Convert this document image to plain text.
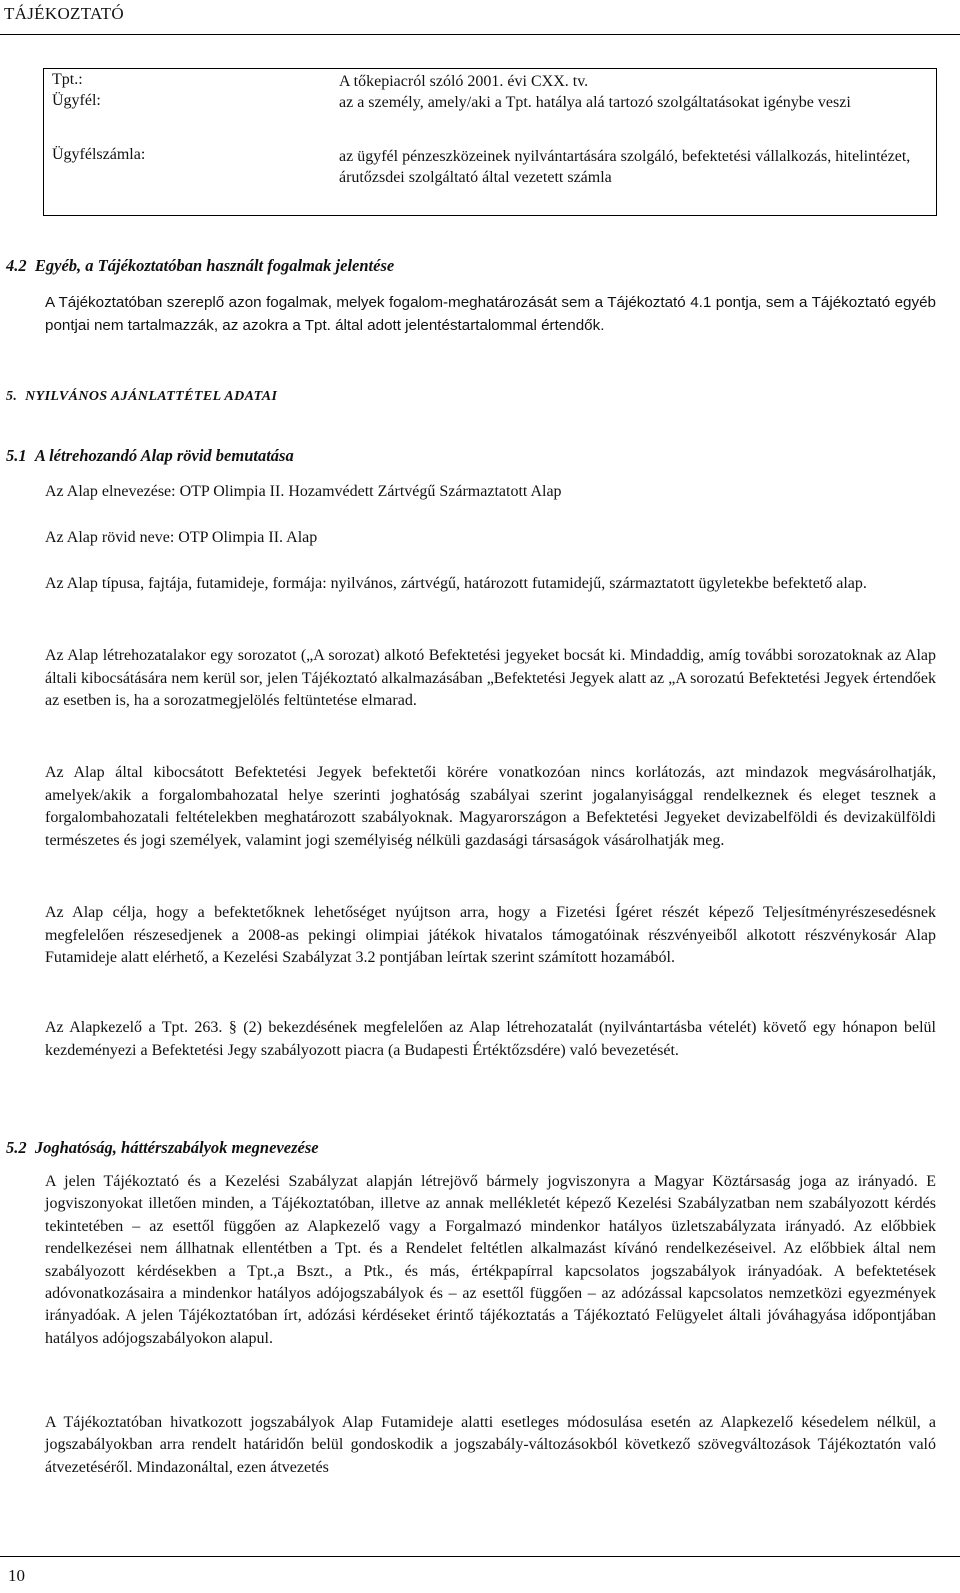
TÁJÉKOZTATÓ
Tpt.:	A tőkepiacról szóló 2001. évi CXX. tv.
Ügyfél:	az a személy, amely/aki a Tpt. hatálya alá tartozó szolgáltatásokat igénybe veszi
Ügyfélszámla:	az ügyfél pénzeszközeinek nyilvántartására szolgáló, befektetési vállalkozás, hitelintézet, árutőzsdei szolgáltató által vezetett számla
4.2 Egyéb, a Tájékoztatóban használt fogalmak jelentése
A Tájékoztatóban szereplő azon fogalmak, melyek fogalom-meghatározását sem a Tájékoztató 4.1 pontja, sem a Tájékoztató egyéb pontjai nem tartalmazzák, az azokra a Tpt. által adott jelentéstartalommal értendők.
5. NYILVÁNOS AJÁNLATTÉTEL ADATAI
5.1 A létrehozandó Alap rövid bemutatása
Az Alap elnevezése: OTP Olimpia II. Hozamvédett Zártvégű Származtatott Alap
Az Alap rövid neve: OTP Olimpia II. Alap
Az Alap típusa, fajtája, futamideje, formája: nyilvános, zártvégű, határozott futamidejű, származtatott ügyletekbe befektető alap.
Az Alap létrehozatalakor egy sorozatot („A sorozat) alkotó Befektetési jegyeket bocsát ki. Mindaddig, amíg további sorozatoknak az Alap általi kibocsátására nem kerül sor, jelen Tájékoztató alkalmazásában „Befektetési Jegyek alatt az „A sorozatú Befektetési Jegyek értendőek az esetben is, ha a sorozatmegjelölés feltüntetése elmarad.
Az Alap által kibocsátott Befektetési Jegyek befektetői körére vonatkozóan nincs korlátozás, azt mindazok megvásárolhatják, amelyek/akik a forgalombahozatal helye szerinti joghatóság szabályai szerint jogalanyisággal rendelkeznek és eleget tesznek a forgalombahozatali feltételekben meghatározott szabályoknak. Magyarországon a Befektetési Jegyeket devizabelföldi és devizakülföldi természetes és jogi személyek, valamint jogi személyiség nélküli gazdasági társaságok vásárolhatják meg.
Az Alap célja, hogy a befektetőknek lehetőséget nyújtson arra, hogy a Fizetési Ígéret részét képező Teljesítményrészesedésnek megfelelően részesedjenek a 2008-as pekingi olimpiai játékok hivatalos támogatóinak részvényeiből alkotott részvénykosár Alap Futamideje alatt elérhető, a Kezelési Szabályzat 3.2 pontjában leírtak szerint számított hozamából.
Az Alapkezelő a Tpt. 263. § (2) bekezdésének megfelelően az Alap létrehozatalát (nyilvántartásba vételét) követő egy hónapon belül kezdeményezi a Befektetési Jegy szabályozott piacra (a Budapesti Értéktőzsdére) való bevezetését.
5.2 Joghatóság, háttérszabályok megnevezése
A jelen Tájékoztató és a Kezelési Szabályzat alapján létrejövő bármely jogviszonyra a Magyar Köztársaság joga az irányadó. E jogviszonyokat illetően minden, a Tájékoztatóban, illetve az annak mellékletét képező Kezelési Szabályzatban nem szabályozott kérdés tekintetében – az esettől függően az Alapkezelő vagy a Forgalmazó mindenkor hatályos üzletszabályzata irányadó. Az előbbiek rendelkezései nem állhatnak ellentétben a Tpt. és a Rendelet feltétlen alkalmazást kívánó rendelkezéseivel. Az előbbiek által nem szabályozott kérdésekben a Tpt.,a Bszt., a Ptk., és más, értékpapírral kapcsolatos jogszabályok irányadóak. A befektetések adóvonatkozásaira a mindenkor hatályos adójogszabályok és – az esettől függően – az adózással kapcsolatos nemzetközi egyezmények irányadóak. A jelen Tájékoztatóban írt, adózási kérdéseket érintő tájékoztatás a Tájékoztató Felügyelet általi jóváhagyása időpontjában hatályos adójogszabályokon alapul.
A Tájékoztatóban hivatkozott jogszabályok Alap Futamideje alatti esetleges módosulása esetén az Alapkezelő késedelem nélkül, a jogszabályokban arra rendelt határidőn belül gondoskodik a jogszabály-változásokból következő szövegváltozások Tájékoztatón való átvezetéséről. Mindazonáltal, ezen átvezetés
10
